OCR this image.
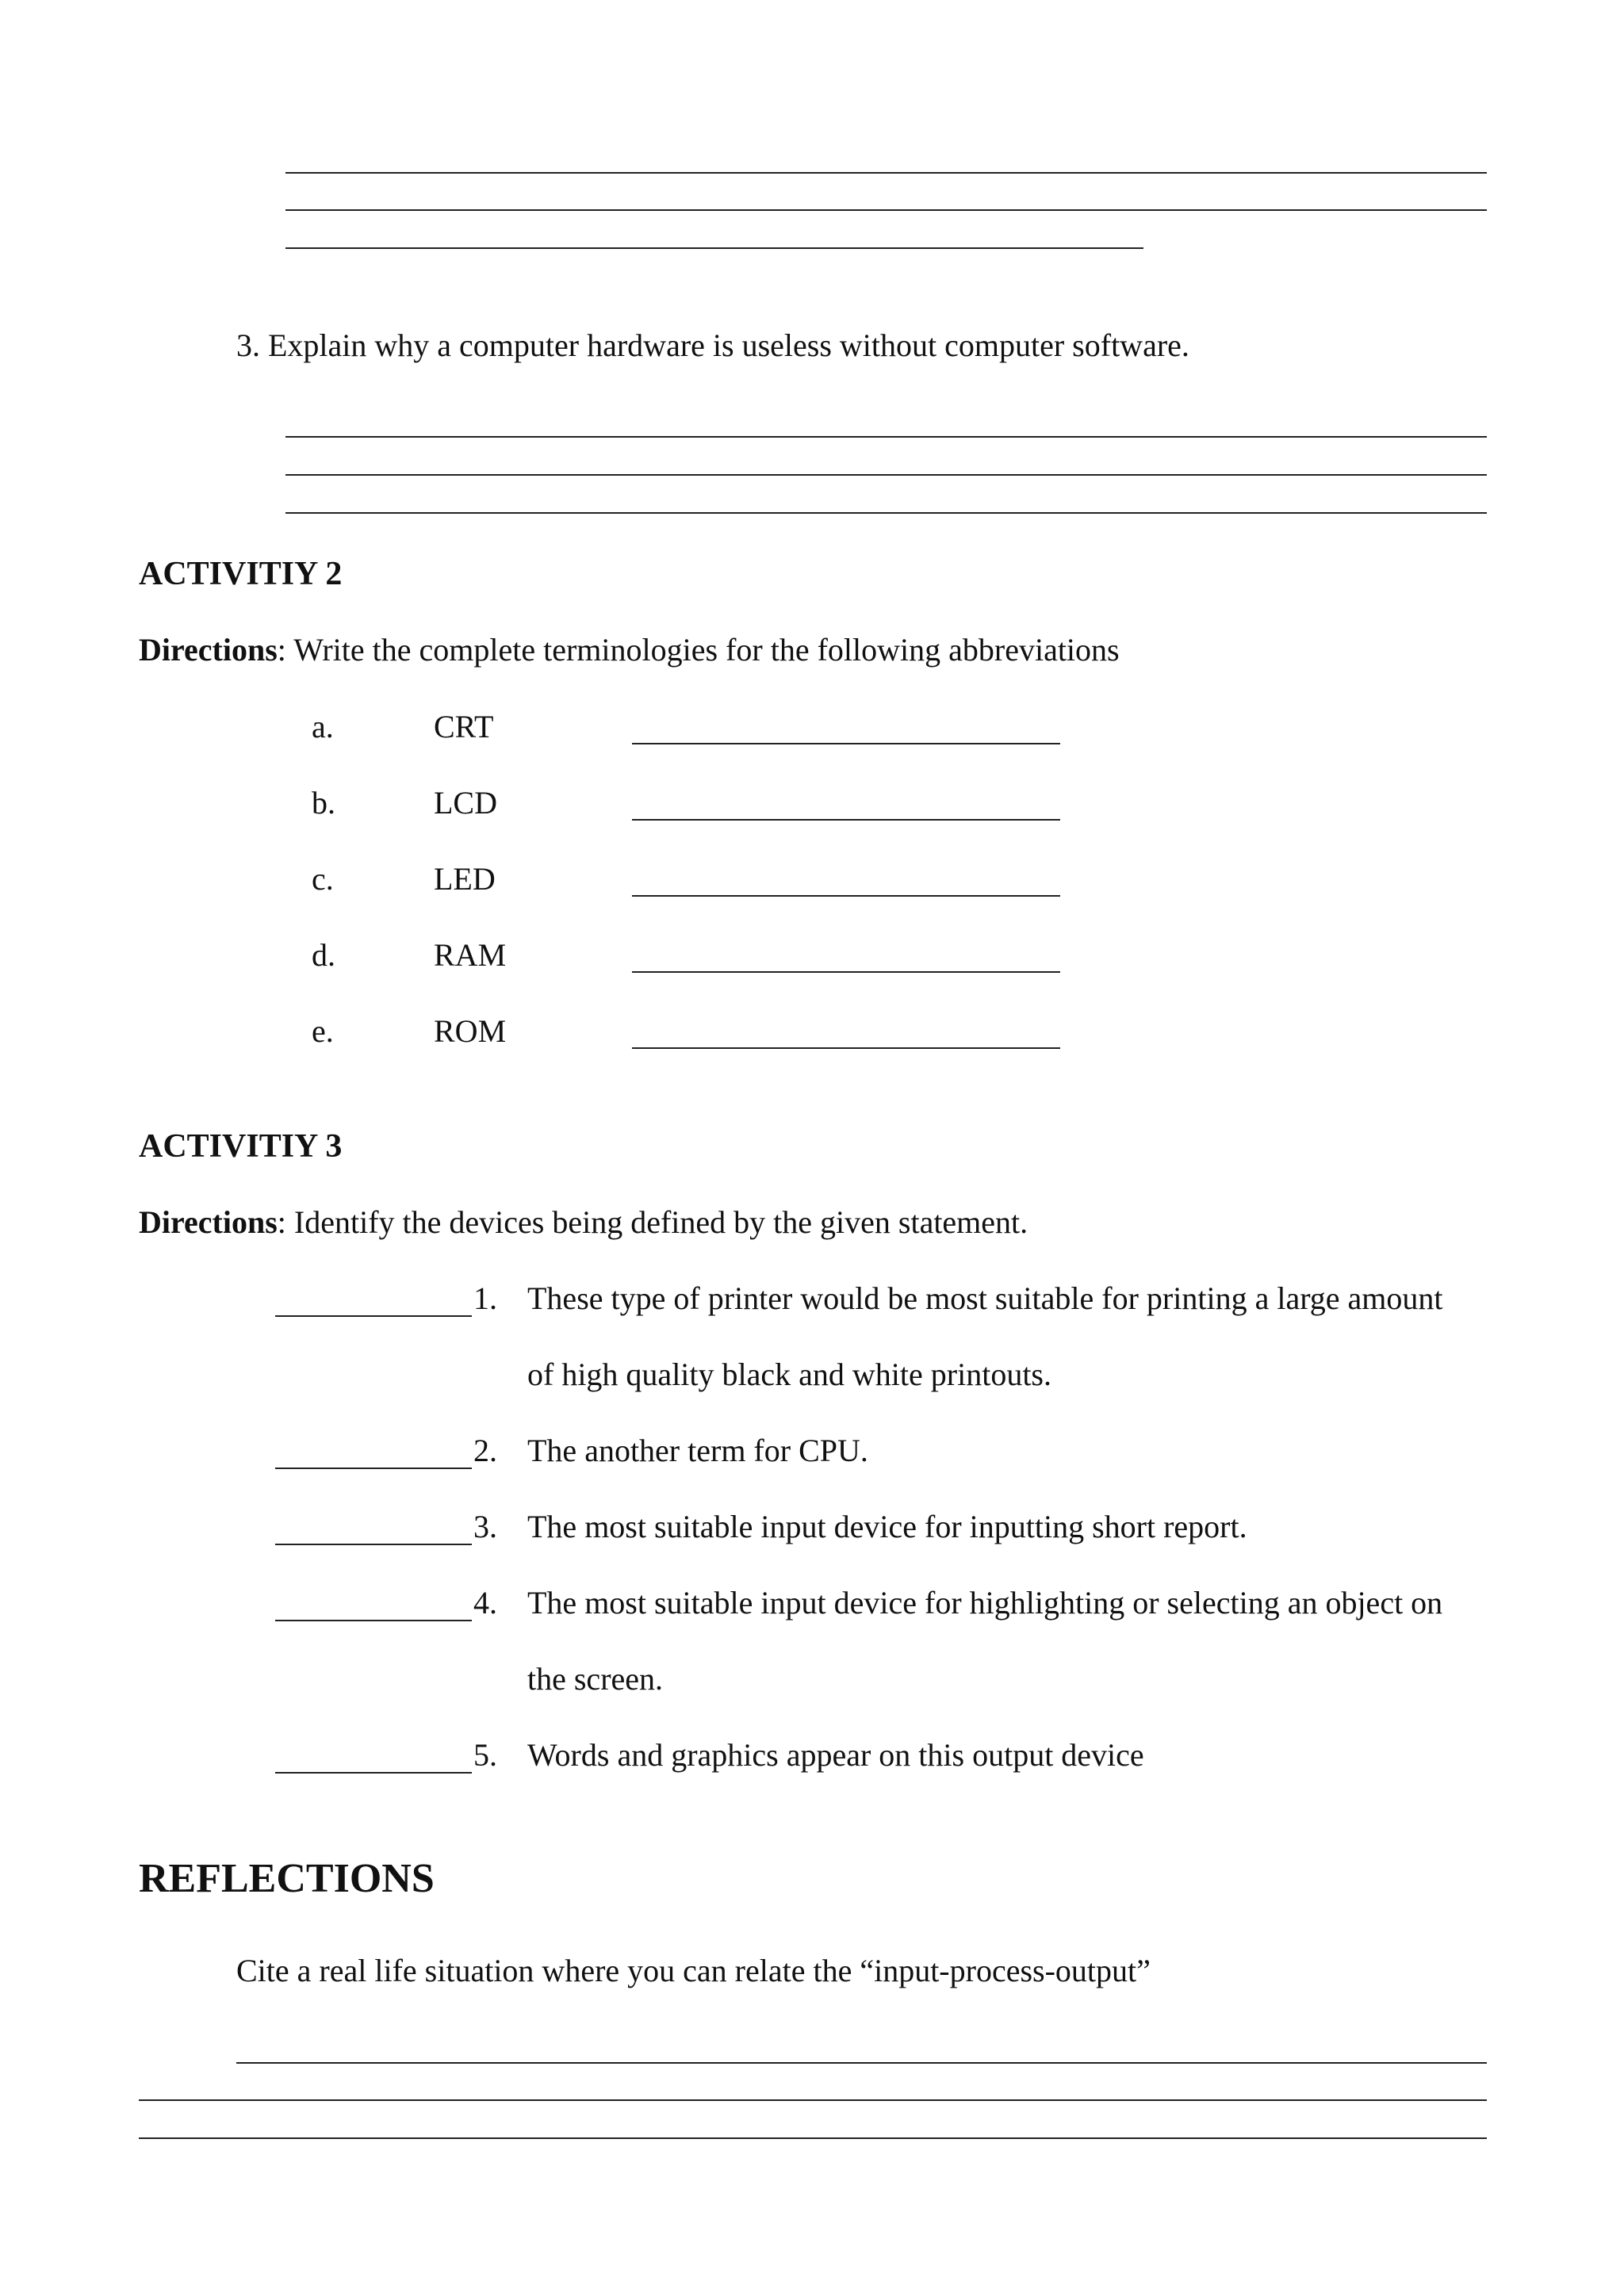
3. Explain why a computer hardware is useless without computer software.
ACTIVITIY 2
Directions: Write the complete terminologies for the following abbreviations
a.	CRT
b.	LCD
c.	LED
d.	RAM
e.	ROM
ACTIVITIY 3
Directions: Identify the devices being defined by the given statement.
1. These type of printer would be most suitable for printing a large amount
of high quality black and white printouts.
2. The another term for CPU.
3. The most suitable input device for inputting short report.
4. The most suitable input device for highlighting or selecting an object on
the screen.
5. Words and graphics appear on this output device
REFLECTIONS
Cite a real life situation where you can relate the “input-process-output”
